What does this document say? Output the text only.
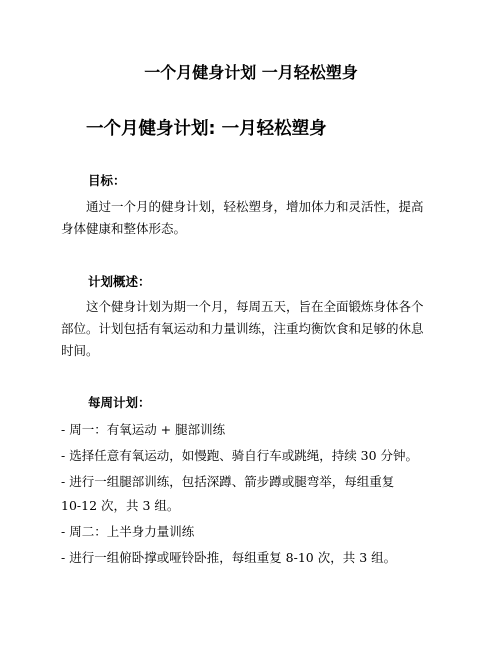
一个月健身计划 一月轻松塑身
一个月健身计划: 一月轻松塑身
目标：
通过一个月的健身计划，轻松塑身，增加体力和灵活性，提高
身体健康和整体形态。
计划概述：
这个健身计划为期一个月，每周五天，旨在全面锻炼身体各个
部位。计划包括有氧运动和力量训练，注重均衡饮食和足够的休息
时间。
每周计划：
- 周一：有氧运动 + 腿部训练
- 选择任意有氧运动，如慢跑、骑自行车或跳绳，持续 30 分钟。
- 进行一组腿部训练，包括深蹲、箭步蹲或腿弯举，每组重复
10-12 次，共 3 组。
- 周二：上半身力量训练
- 进行一组俯卧撑或哑铃卧推，每组重复 8-10 次，共 3 组。
